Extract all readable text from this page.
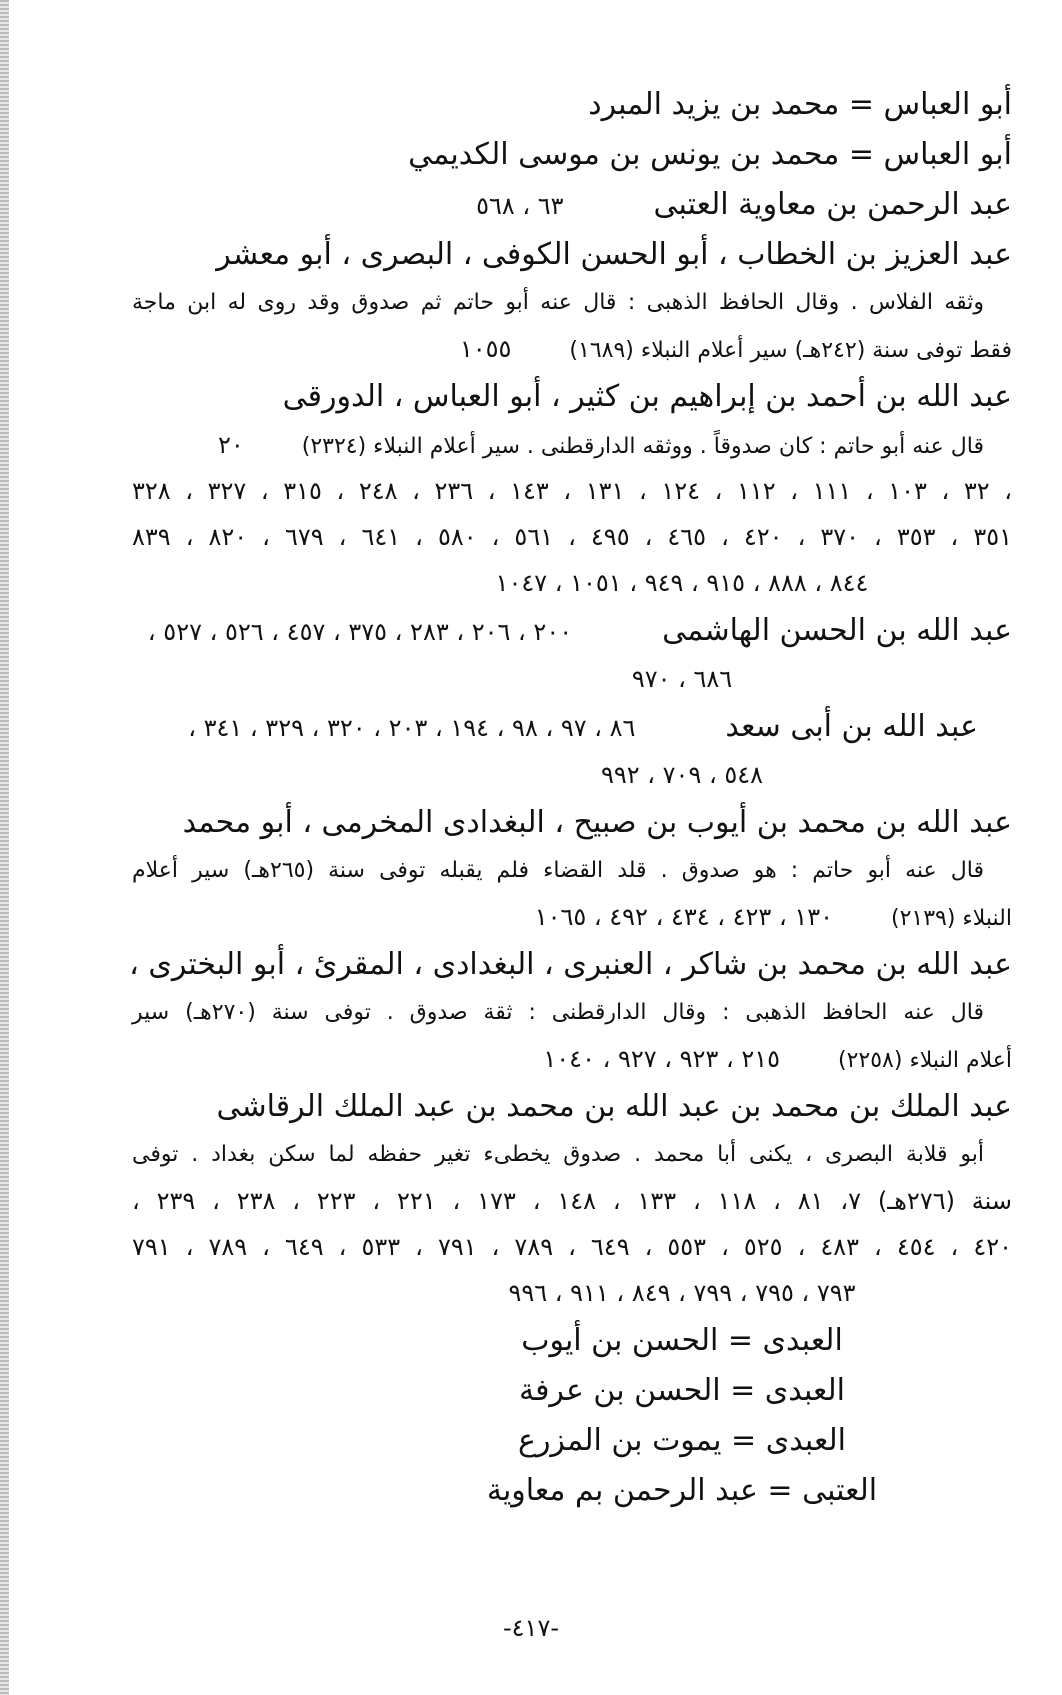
أبو العباس = محمد بن يزيد المبرد
أبو العباس = محمد بن يونس بن موسى الكديمي
عبد الرحمن بن معاوية العتبى٦٣ ، ٥٦٨
عبد العزيز بن الخطاب ، أبو الحسن الكوفى ، البصرى ، أبو معشر
وثقه الفلاس . وقال الحافظ الذهبى : قال عنه أبو حاتم ثم صدوق وقد روى له ابن ماجة
فقط توفى سنة (٢٤٢هـ) سير أعلام النبلاء (١٦٨٩)١٠٥٥
عبد الله بن أحمد بن إبراهيم بن كثير ، أبو العباس ، الدورقى
قال عنه أبو حاتم : كان صدوقاً . ووثقه الدارقطنى . سير أعلام النبلاء (٢٣٢٤)٢٠
٣٢ ، ١٠٣ ، ١١١ ، ١١٢ ، ١٢٤ ، ١٣١ ، ١٤٣ ، ٢٣٦ ، ٢٤٨ ، ٣١٥ ، ٣٢٧ ، ٣٢٨ ،
٣٥١ ، ٣٥٣ ، ٣٧٠ ، ٤٢٠ ، ٤٦٥ ، ٤٩٥ ، ٥٦١ ، ٥٨٠ ، ٦٤١ ، ٦٧٩ ، ٨٢٠ ، ٨٣٩
٨٤٤ ، ٨٨٨ ، ٩١٥ ، ٩٤٩ ، ١٠٥١ ، ١٠٤٧
عبد الله بن الحسن الهاشمى٢٠٠ ، ٢٠٦ ، ٢٨٣ ، ٣٧٥ ، ٤٥٧ ، ٥٢٦ ، ٥٢٧ ،
٦٨٦ ، ٩٧٠
عبد الله بن أبى سعد٨٦ ، ٩٧ ، ٩٨ ، ١٩٤ ، ٢٠٣ ، ٣٢٠ ، ٣٢٩ ، ٣٤١ ،
٥٤٨ ، ٧٠٩ ، ٩٩٢
عبد الله بن محمد بن أيوب بن صبيح ، البغدادى المخرمى ، أبو محمد
قال عنه أبو حاتم : هو صدوق . قلد القضاء فلم يقبله توفى سنة (٢٦٥هـ) سير أعلام
النبلاء (٢١٣٩)١٣٠ ، ٤٢٣ ، ٤٣٤ ، ٤٩٢ ، ١٠٦٥
عبد الله بن محمد بن شاكر ، العنبرى ، البغدادى ، المقرئ ، أبو البخترى ،
قال عنه الحافظ الذهبى : وقال الدارقطنى : ثقة صدوق . توفى سنة (٢٧٠هـ) سير
أعلام النبلاء (٢٢٥٨)٢١٥ ، ٩٢٣ ، ٩٢٧ ، ١٠٤٠
عبد الملك بن محمد بن عبد الله بن محمد بن عبد الملك الرقاشى
أبو قلابة البصرى ، يكنى أبا محمد . صدوق يخطىء تغير حفظه لما سكن بغداد . توفى
سنة (٢٧٦هـ) ٧، ٨١ ، ١١٨ ، ١٣٣ ، ١٤٨ ، ١٧٣ ، ٢٢١ ، ٢٢٣ ، ٢٣٨ ، ٢٣٩ ،
٤٢٠ ، ٤٥٤ ، ٤٨٣ ، ٥٢٥ ، ٥٥٣ ، ٦٤٩ ، ٧٨٩ ، ٧٩١ ، ٥٣٣ ، ٦٤٩ ، ٧٨٩ ، ٧٩١
٧٩٣ ، ٧٩٥ ، ٧٩٩ ، ٨٤٩ ، ٩١١ ، ٩٩٦
العبدى = الحسن بن أيوب
العبدى = الحسن بن عرفة
العبدى = يموت بن المزرع
العتبى = عبد الرحمن بم معاوية
-٤١٧-
